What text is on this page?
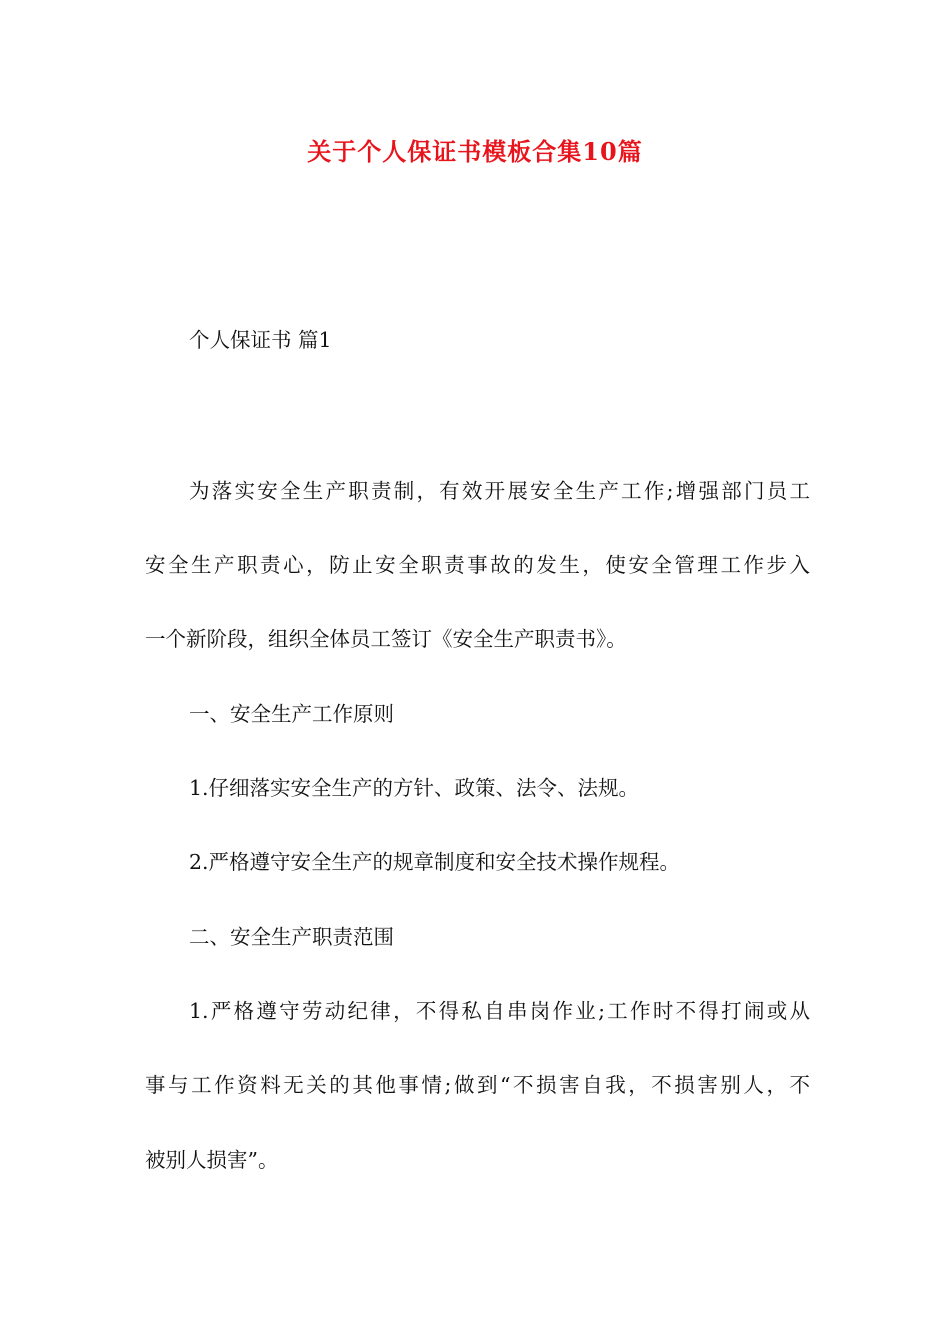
关于个人保证书模板合集10篇
个人保证书 篇1
为落实安全生产职责制，有效开展安全生产工作;增强部门员工
安全生产职责心，防止安全职责事故的发生，使安全管理工作步入
一个新阶段，组织全体员工签订《安全生产职责书》。
一、安全生产工作原则
1.仔细落实安全生产的方针、政策、法令、法规。
2.严格遵守安全生产的规章制度和安全技术操作规程。
二、安全生产职责范围
1.严格遵守劳动纪律，不得私自串岗作业;工作时不得打闹或从
事与工作资料无关的其他事情;做到“不损害自我，不损害别人，不
被别人损害”。
